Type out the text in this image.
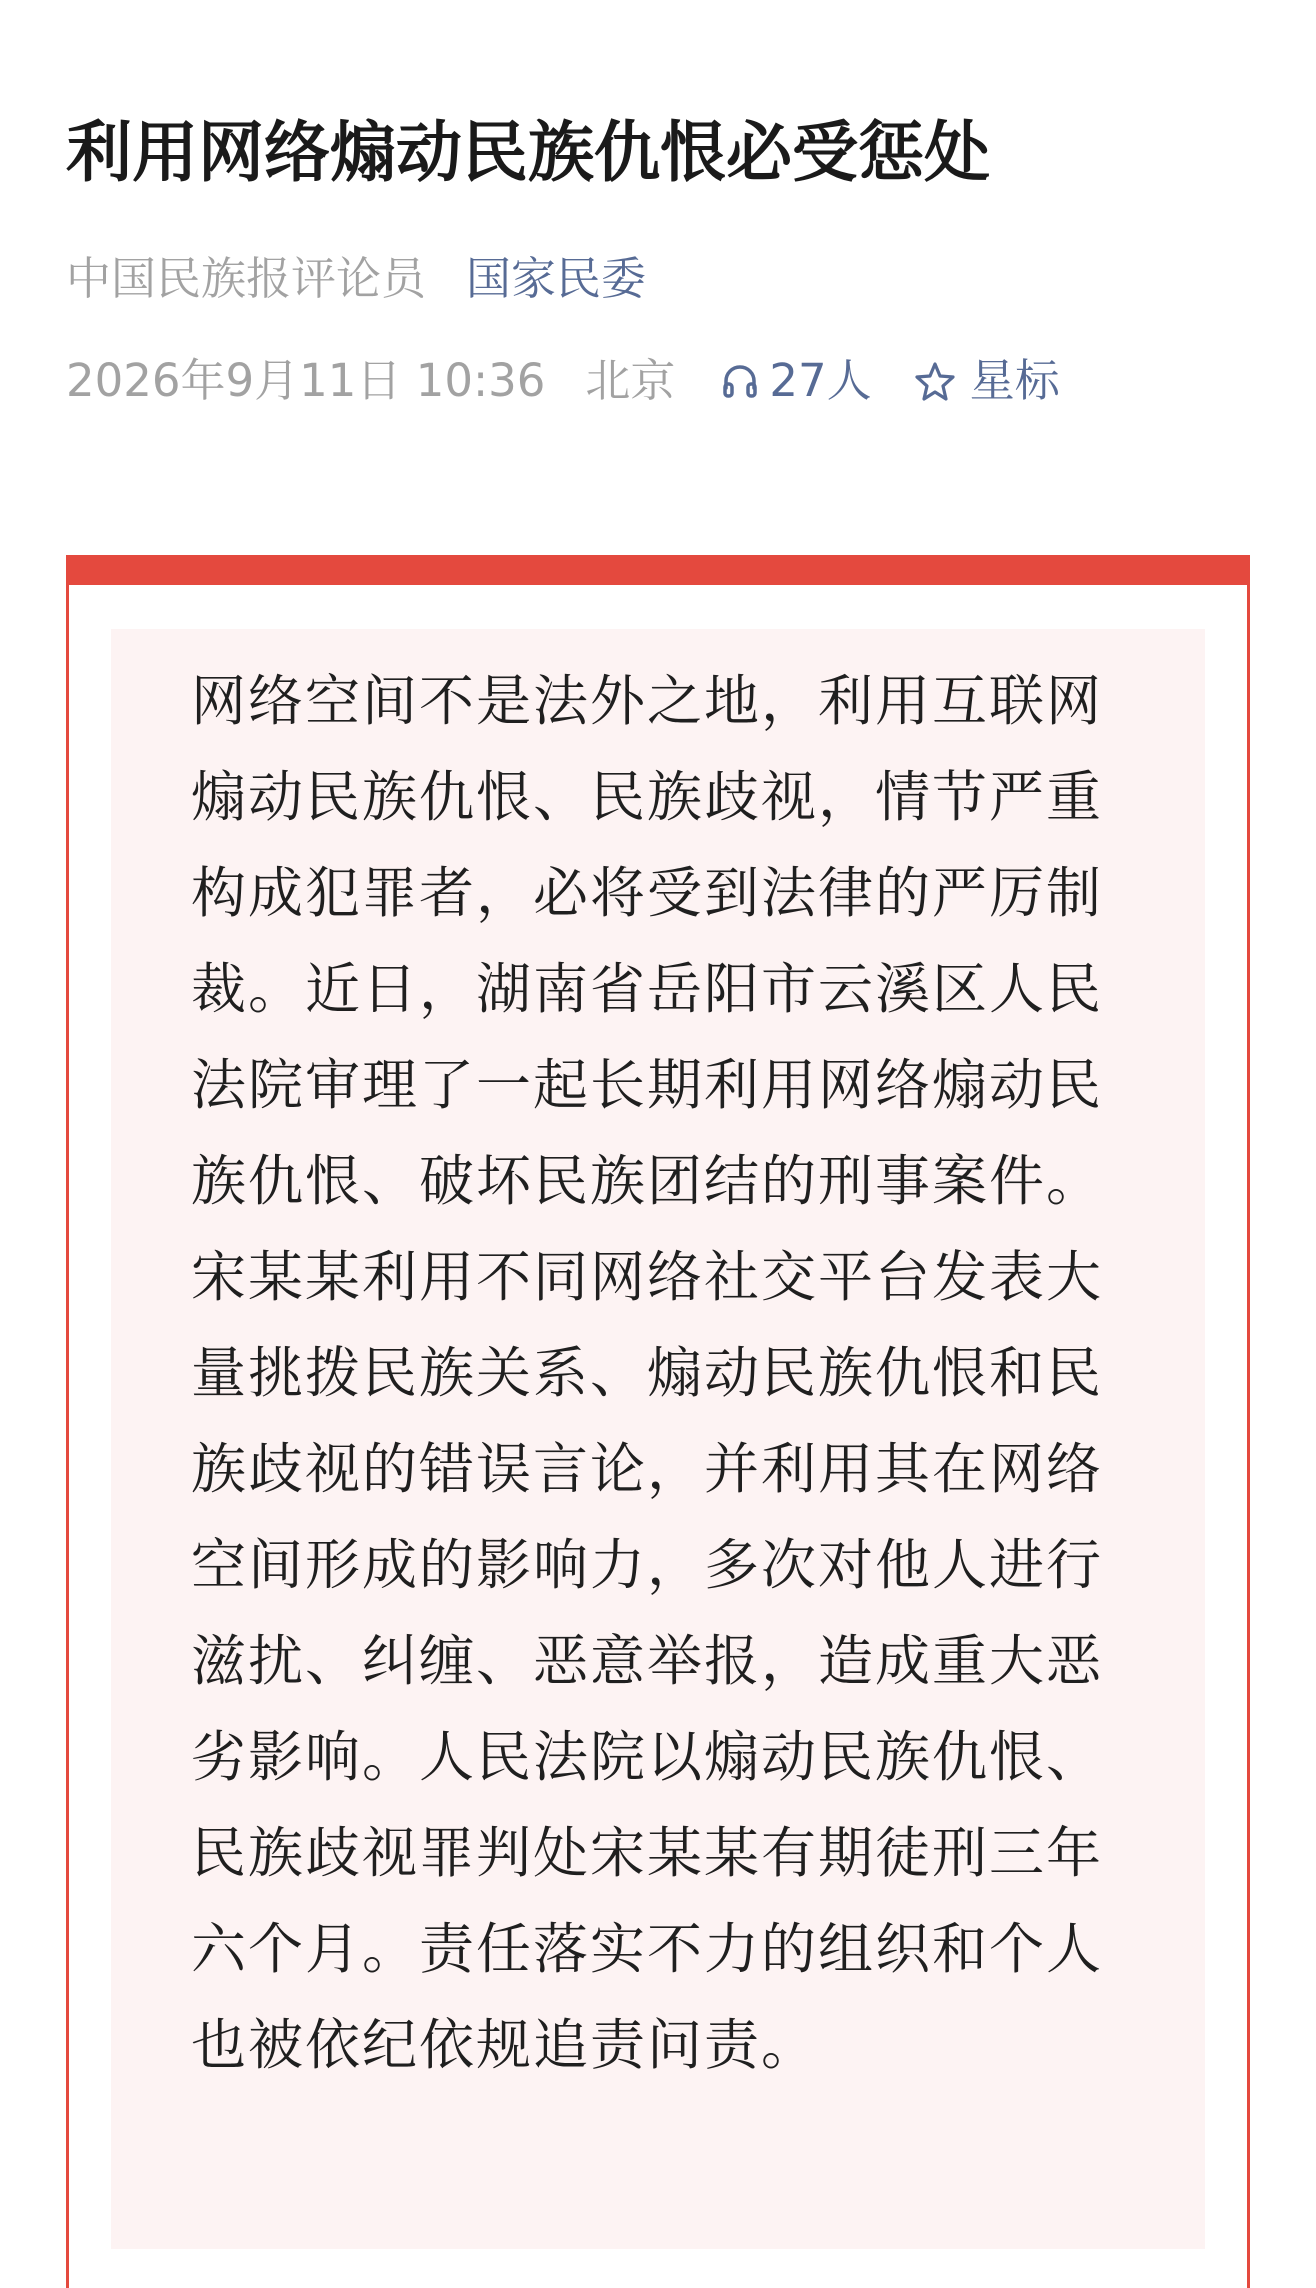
利用网络煽动民族仇恨必受惩处
中国民族报评论员 国家民委
2026年9月11日 10:36 北京 27人 星标

网络空间不是法外之地，利用互联网
煽动民族仇恨、民族歧视，情节严重
构成犯罪者，必将受到法律的严厉制
裁。近日，湖南省岳阳市云溪区人民
法院审理了一起长期利用网络煽动民
族仇恨、破坏民族团结的刑事案件。
宋某某利用不同网络社交平台发表大
量挑拨民族关系、煽动民族仇恨和民
族歧视的错误言论，并利用其在网络
空间形成的影响力，多次对他人进行
滋扰、纠缠、恶意举报，造成重大恶
劣影响。人民法院以煽动民族仇恨、
民族歧视罪判处宋某某有期徒刑三年
六个月。责任落实不力的组织和个人
也被依纪依规追责问责。
